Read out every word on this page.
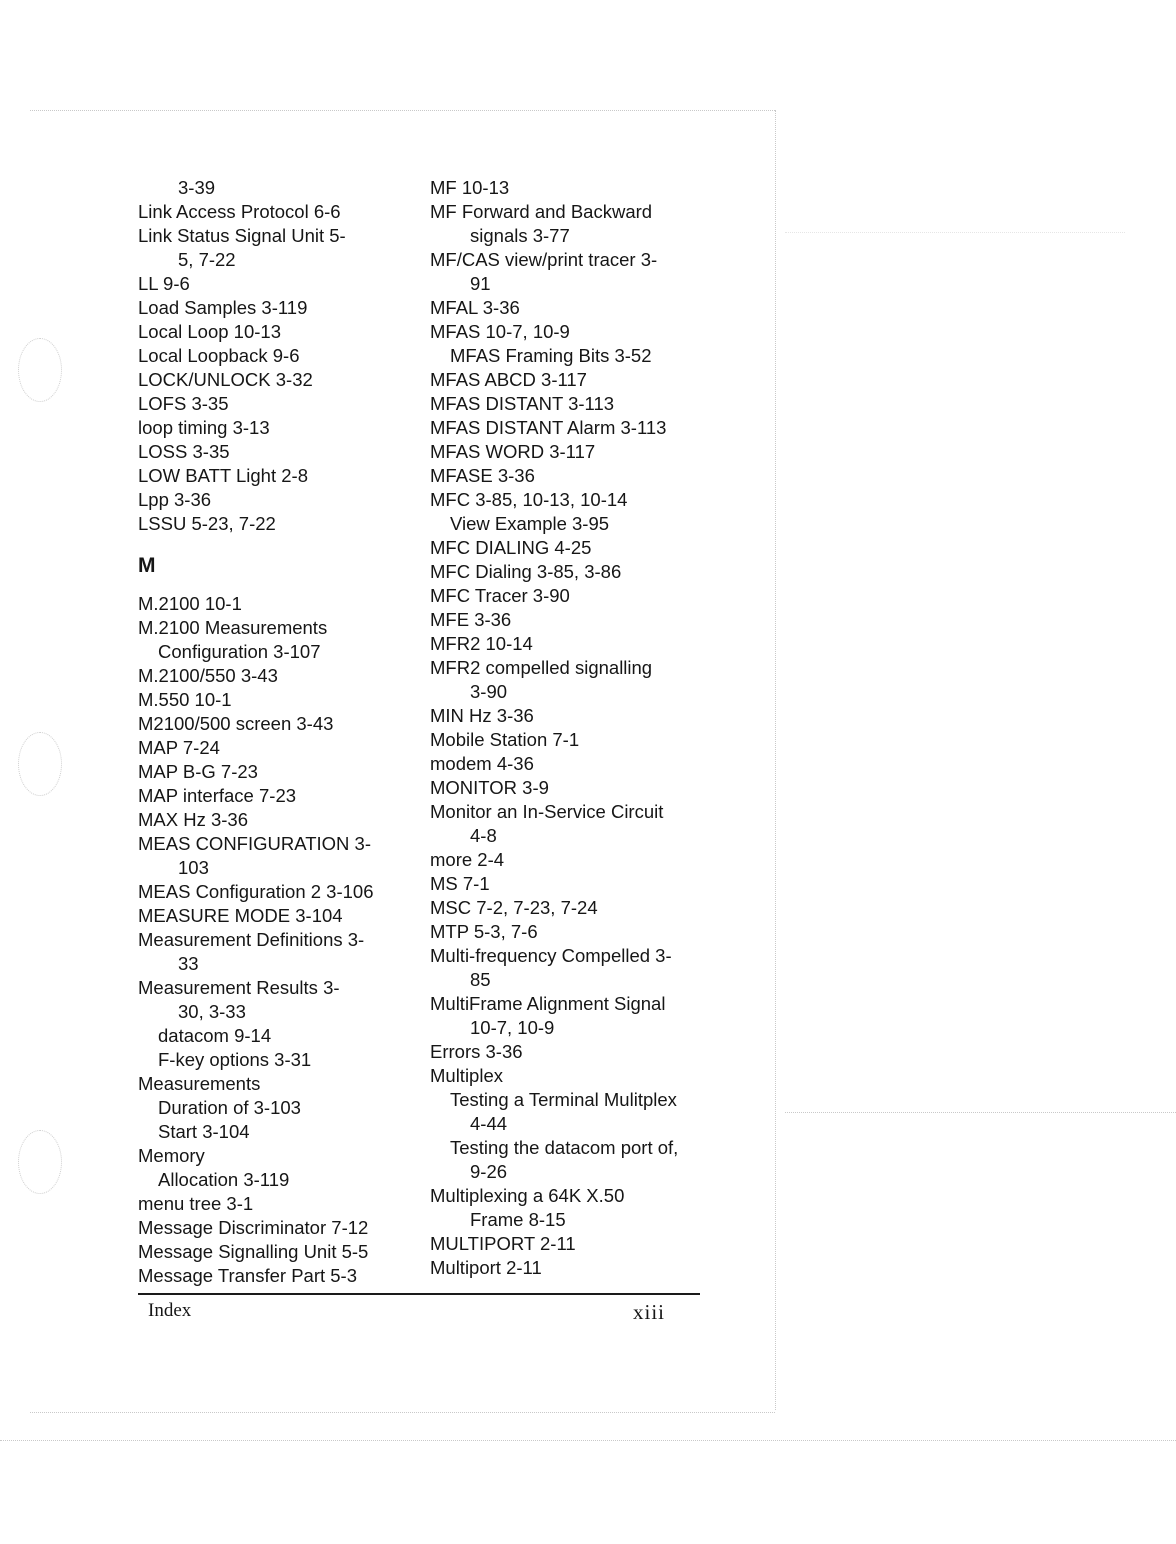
3-39
Link Access Protocol 6-6
Link Status Signal Unit 5-
5, 7-22
LL 9-6
Load Samples 3-119
Local Loop 10-13
Local Loopback 9-6
LOCK/UNLOCK 3-32
LOFS 3-35
loop timing 3-13
LOSS 3-35
LOW BATT Light 2-8
Lpp 3-36
LSSU 5-23, 7-22
M
M.2100 10-1
M.2100 Measurements
Configuration 3-107
M.2100/550 3-43
M.550 10-1
M2100/500 screen 3-43
MAP 7-24
MAP B-G 7-23
MAP interface 7-23
MAX Hz 3-36
MEAS CONFIGURATION 3-
103
MEAS Configuration 2 3-106
MEASURE MODE 3-104
Measurement Definitions 3-
33
Measurement Results 3-
30, 3-33
datacom 9-14
F-key options 3-31
Measurements
Duration of 3-103
Start 3-104
Memory
Allocation 3-119
menu tree 3-1
Message Discriminator 7-12
Message Signalling Unit 5-5
Message Transfer Part 5-3
MF 10-13
MF Forward and Backward
signals 3-77
MF/CAS view/print tracer 3-
91
MFAL 3-36
MFAS 10-7, 10-9
MFAS Framing Bits 3-52
MFAS ABCD 3-117
MFAS DISTANT 3-113
MFAS DISTANT Alarm 3-113
MFAS WORD 3-117
MFASE 3-36
MFC 3-85, 10-13, 10-14
View Example 3-95
MFC DIALING 4-25
MFC Dialing 3-85, 3-86
MFC Tracer 3-90
MFE 3-36
MFR2 10-14
MFR2 compelled signalling
3-90
MIN Hz 3-36
Mobile Station 7-1
modem 4-36
MONITOR 3-9
Monitor an In-Service Circuit
4-8
more 2-4
MS 7-1
MSC 7-2, 7-23, 7-24
MTP 5-3, 7-6
Multi-frequency Compelled 3-
85
MultiFrame Alignment Signal
10-7, 10-9
Errors 3-36
Multiplex
Testing a Terminal Mulitplex
4-44
Testing the datacom port of,
9-26
Multiplexing a 64K X.50
Frame 8-15
MULTIPORT 2-11
Multiport 2-11
Index	xiii
